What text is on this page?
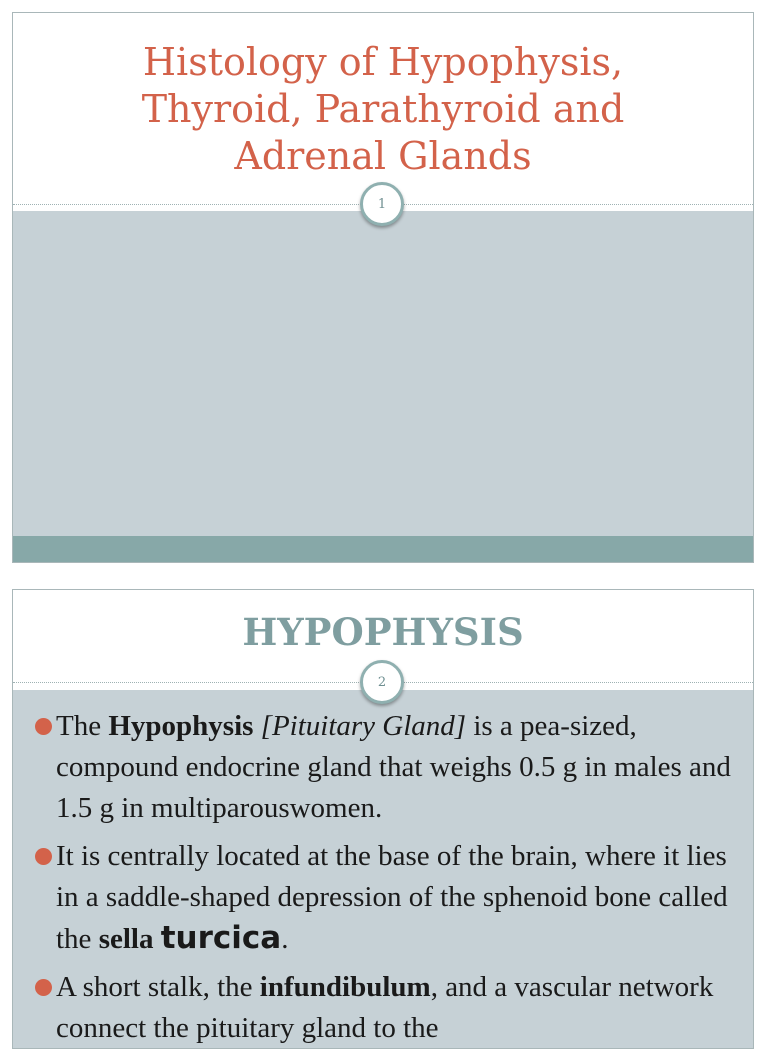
Histology of Hypophysis, Thyroid, Parathyroid and Adrenal Glands
1
HYPOPHYSIS
2
The Hypophysis [Pituitary Gland] is a pea-sized, compound endocrine gland that weighs 0.5 g in males and 1.5 g in multiparouswomen.
It is centrally located at the base of the brain, where it lies in a saddle-shaped depression of the sphenoid bone called the sella turcica.
A short stalk, the infundibulum, and a vascular network connect the pituitary gland to the
